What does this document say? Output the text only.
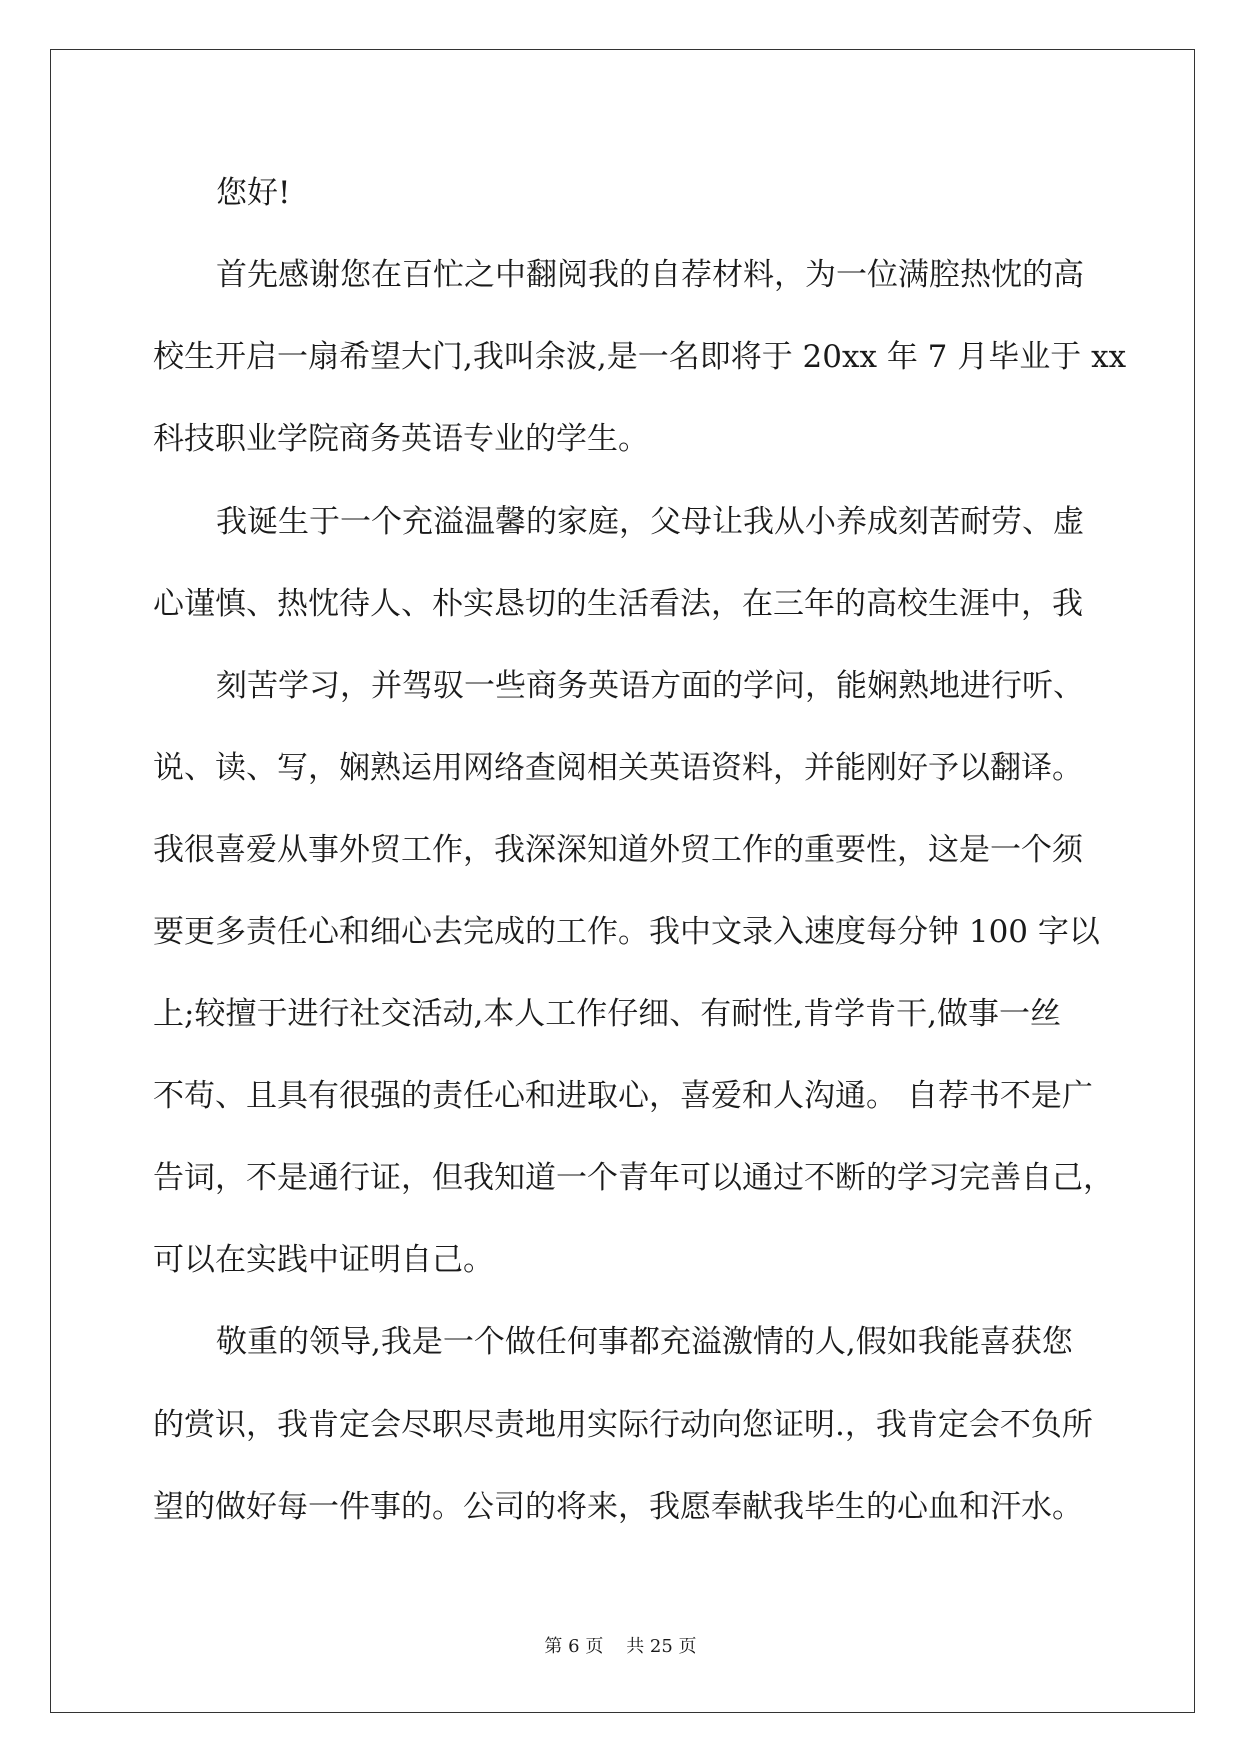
您好!
首先感谢您在百忙之中翻阅我的自荐材料，为一位满腔热忱的高
校生开启一扇希望大门,我叫余波,是一名即将于 20xx 年 7 月毕业于 xx
科技职业学院商务英语专业的学生。
我诞生于一个充溢温馨的家庭，父母让我从小养成刻苦耐劳、虚
心谨慎、热忱待人、朴实恳切的生活看法，在三年的高校生涯中，我
刻苦学习，并驾驭一些商务英语方面的学问，能娴熟地进行听、
说、读、写，娴熟运用网络查阅相关英语资料，并能刚好予以翻译。
我很喜爱从事外贸工作，我深深知道外贸工作的重要性，这是一个须
要更多责任心和细心去完成的工作。我中文录入速度每分钟 100 字以
上;较擅于进行社交活动,本人工作仔细、有耐性,肯学肯干,做事一丝
不苟、且具有很强的责任心和进取心，喜爱和人沟通。 自荐书不是广
告词，不是通行证，但我知道一个青年可以通过不断的学习完善自己，
可以在实践中证明自己。
敬重的领导,我是一个做任何事都充溢激情的人,假如我能喜获您
的赏识，我肯定会尽职尽责地用实际行动向您证明.，我肯定会不负所
望的做好每一件事的。公司的将来，我愿奉献我毕生的心血和汗水。
第 6 页    共 25 页
